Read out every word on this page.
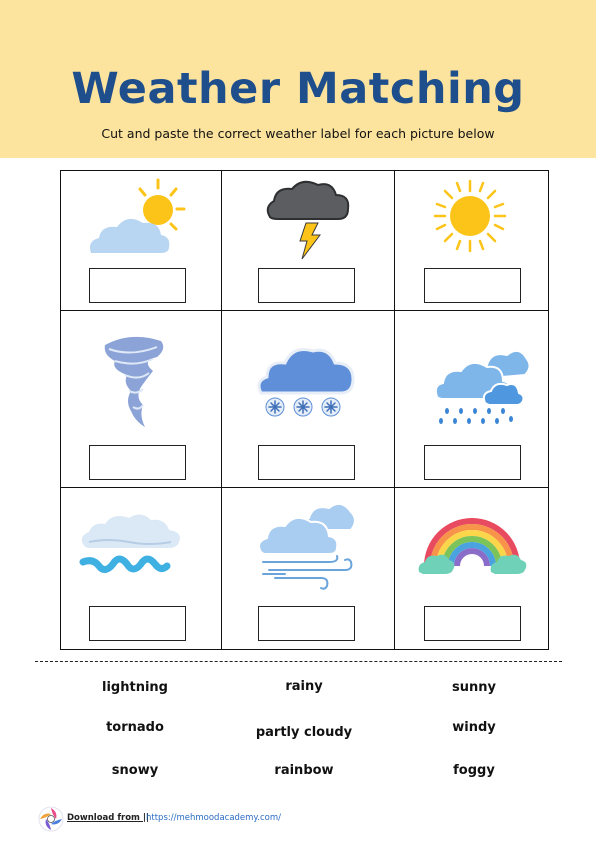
Weather Matching
Cut and paste the correct weather label for each picture below
lightning	rainy	sunny
tornado	partly cloudy	windy
snowy	rainbow	foggy
Download from ||
https://mehmoodacademy.com/
